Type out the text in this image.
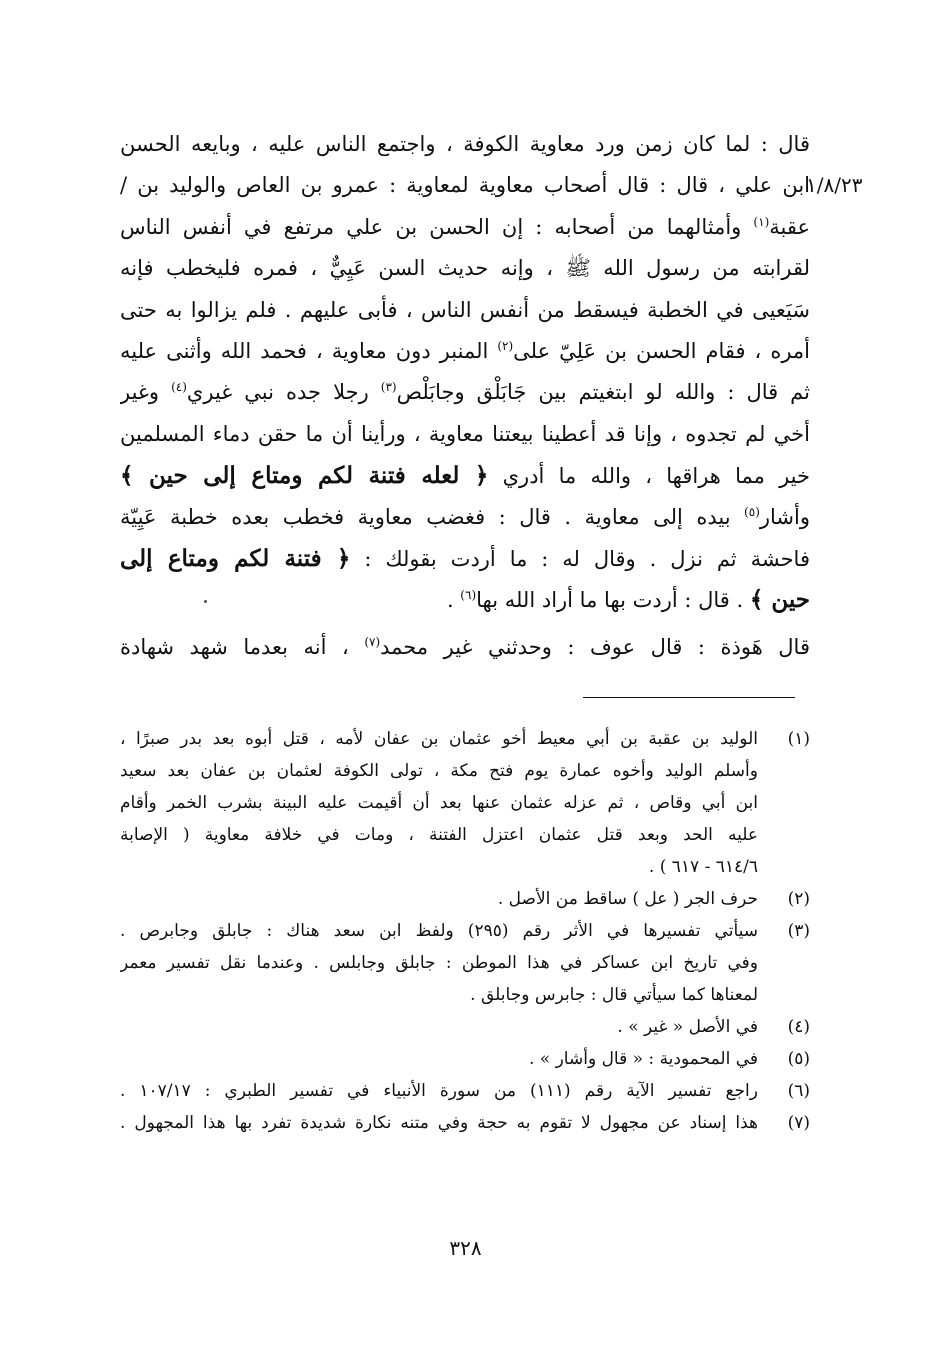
١/٨/٢٣
قال : لما كان زمن ورد معاوية الكوفة ، واجتمع الناس عليه ، وبايعه الحسن
ابن علي ، قال : قال أصحاب معاوية لمعاوية : عمرو بن العاص والوليد بن /
عقبة$^{(١)}$ وأمثالهما من أصحابه : إن الحسن بن علي مرتفع في أنفس الناس
لقرابته من رسول الله ﷺ ، وإنه حديث السن عَيِيٌّ ، فمره فليخطب فإنه
سَيَعيى في الخطبة فيسقط من أنفس الناس ، فأبى عليهم . فلم يزالوا به حتى
أمره ، فقام الحسن بن عَلِيّ على$^{(٢)}$ المنبر دون معاوية ، فحمد الله وأثنى عليه
ثم قال : والله لو ابتغيتم بين جَابَلْق وجابَلْص$^{(٣)}$ رجلا جده نبي غيري$^{(٤)}$ وغير
أخي لم تجدوه ، وإنا قد أعطينا بيعتنا معاوية ، ورأينا أن ما حقن دماء المسلمين
خير مما هراقها ، والله ما أدري ﴿ لعله فتنة لكم ومتاع إلى حين ﴾
وأشار$^{(٥)}$ بيده إلى معاوية . قال : فغضب معاوية فخطب بعده خطبة عَيِيّة
فاحشة ثم نزل . وقال له : ما أردت بقولك : ﴿ فتنة لكم ومتاع إلى
حين ﴾ . قال : أردت بها ما أراد الله بها$^{(٦)}$ .
قال هَوذة : قال عوف : وحدثني غير محمد$^{(٧)}$ ، أنه بعدما شهد شهادة
(١)
الوليد بن عقبة بن أبي معيط أخو عثمان بن عفان لأمه ، قتل أبوه بعد بدر صبرًا ،
وأسلم الوليد وأخوه عمارة يوم فتح مكة ، تولى الكوفة لعثمان بن عفان بعد سعيد
ابن أبي وقاص ، ثم عزله عثمان عنها بعد أن أقيمت عليه البينة بشرب الخمر وأقام
عليه الحد وبعد قتل عثمان اعتزل الفتنة ، ومات في خلافة معاوية ( الإصابة
٦١٤/٦ - ٦١٧ ) .
(٢)
حرف الجر ( عل ) ساقط من الأصل .
(٣)
سيأتي تفسيرها في الأثر رقم (٢٩٥) ولفظ ابن سعد هناك : جابلق وجابرص .
وفي تاريخ ابن عساكر في هذا الموطن : جابلق وجابلس . وعندما نقل تفسير معمر
لمعناها كما سيأتي قال : جابرس وجابلق .
(٤)
في الأصل « غير » .
(٥)
في المحمودية : « قال وأشار » .
(٦)
راجع تفسير الآية رقم (١١١) من سورة الأنبياء في تفسير الطبري : ١٠٧/١٧ .
(٧)
هذا إسناد عن مجهول لا تقوم به حجة وفي متنه نكارة شديدة تفرد بها هذا المجهول .
٣٢٨
